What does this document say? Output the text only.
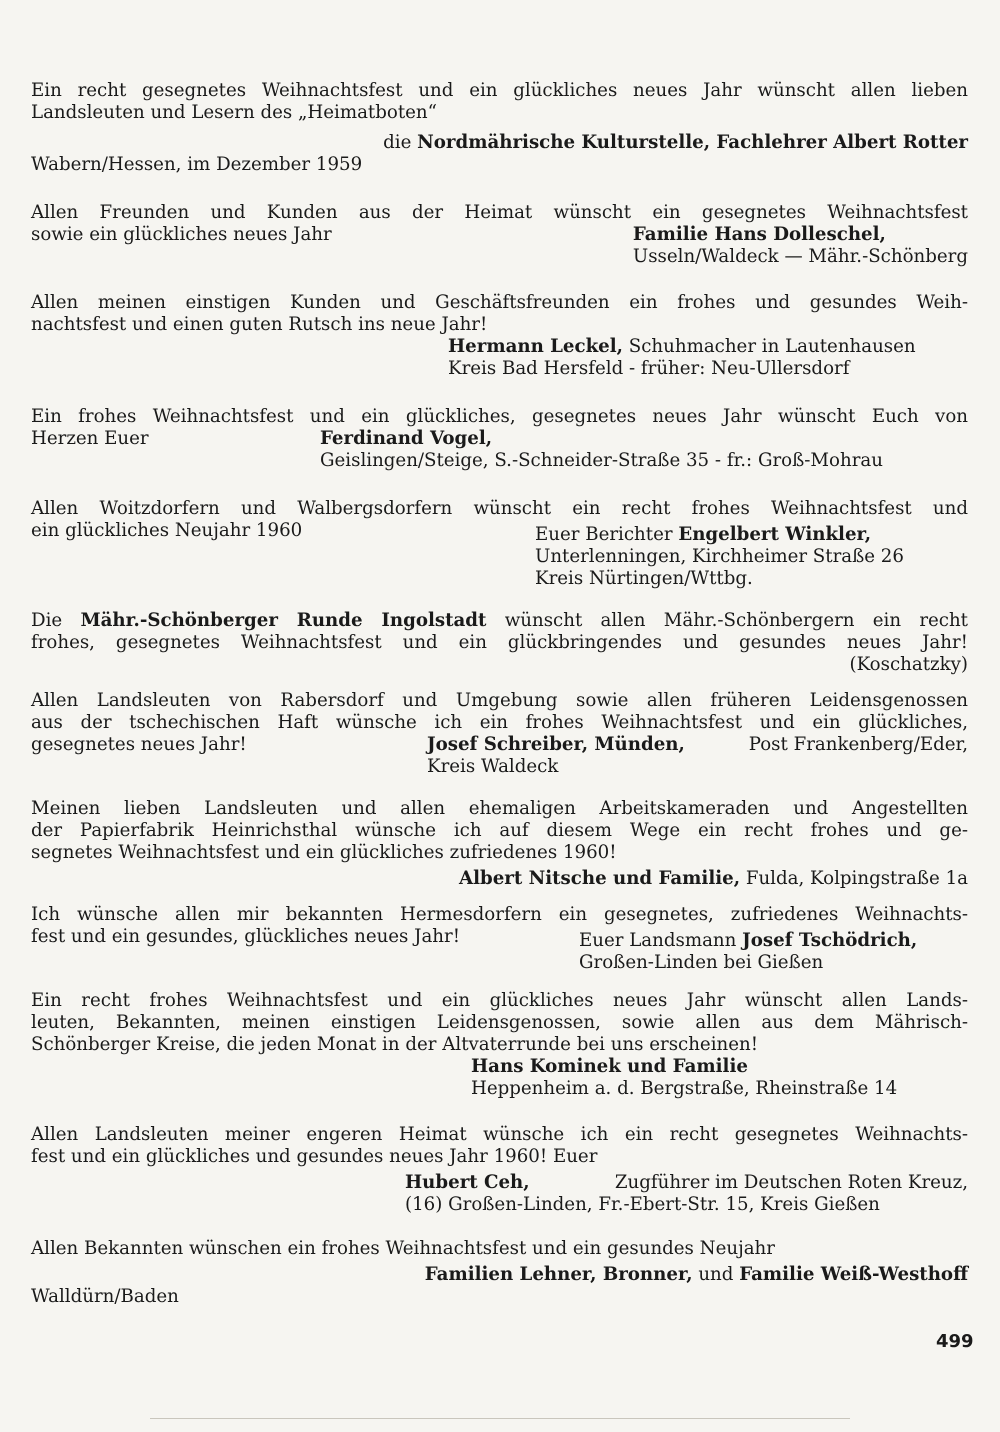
Ein recht gesegnetes Weihnachtsfest und ein glückliches neues Jahr wünscht allen lieben
Landsleuten und Lesern des „Heimatboten“
die Nordmährische Kulturstelle, Fachlehrer Albert Rotter
Wabern/Hessen, im Dezember 1959
Allen Freunden und Kunden aus der Heimat wünscht ein gesegnetes Weihnachtsfest
sowie ein glückliches neues Jahr	Familie Hans Dolleschel,
Usseln/Waldeck — Mähr.-Schönberg
Allen meinen einstigen Kunden und Geschäftsfreunden ein frohes und gesundes Weih-
nachtsfest und einen guten Rutsch ins neue Jahr!
Hermann Leckel, Schuhmacher in Lautenhausen
Kreis Bad Hersfeld - früher: Neu-Ullersdorf
Ein frohes Weihnachtsfest und ein glückliches, gesegnetes neues Jahr wünscht Euch von
Herzen Euer	Ferdinand Vogel,
Geislingen/Steige, S.-Schneider-Straße 35 - fr.: Groß-Mohrau
Allen Woitzdorfern und Walbergsdorfern wünscht ein recht frohes Weihnachtsfest und
ein glückliches Neujahr 1960	Euer Berichter Engelbert Winkler,
Unterlenningen, Kirchheimer Straße 26
Kreis Nürtingen/Wttbg.
Die Mähr.-Schönberger Runde Ingolstadt wünscht allen Mähr.-Schönbergern ein recht
frohes, gesegnetes Weihnachtsfest und ein glückbringendes und gesundes neues Jahr!
(Koschatzky)
Allen Landsleuten von Rabersdorf und Umgebung sowie allen früheren Leidensgenossen
aus der tschechischen Haft wünsche ich ein frohes Weihnachtsfest und ein glückliches,
gesegnetes neues Jahr!	Josef Schreiber, Münden,	Post Frankenberg/Eder,
Kreis Waldeck
Meinen lieben Landsleuten und allen ehemaligen Arbeitskameraden und Angestellten
der Papierfabrik Heinrichsthal wünsche ich auf diesem Wege ein recht frohes und ge-
segnetes Weihnachtsfest und ein glückliches zufriedenes 1960!
Albert Nitsche und Familie, Fulda, Kolpingstraße 1a
Ich wünsche allen mir bekannten Hermesdorfern ein gesegnetes, zufriedenes Weihnachts-
fest und ein gesundes, glückliches neues Jahr!	Euer Landsmann Josef Tschödrich,
Großen-Linden bei Gießen
Ein recht frohes Weihnachtsfest und ein glückliches neues Jahr wünscht allen Lands-
leuten, Bekannten, meinen einstigen Leidensgenossen, sowie allen aus dem Mährisch-
Schönberger Kreise, die jeden Monat in der Altvaterrunde bei uns erscheinen!
Hans Kominek und Familie
Heppenheim a. d. Bergstraße, Rheinstraße 14
Allen Landsleuten meiner engeren Heimat wünsche ich ein recht gesegnetes Weihnachts-
fest und ein glückliches und gesundes neues Jahr 1960! Euer
Hubert Ceh,	Zugführer im Deutschen Roten Kreuz,
(16) Großen-Linden, Fr.-Ebert-Str. 15, Kreis Gießen
Allen Bekannten wünschen ein frohes Weihnachtsfest und ein gesundes Neujahr
Familien Lehner, Bronner, und Familie Weiß-Westhoff
Walldürn/Baden
499
